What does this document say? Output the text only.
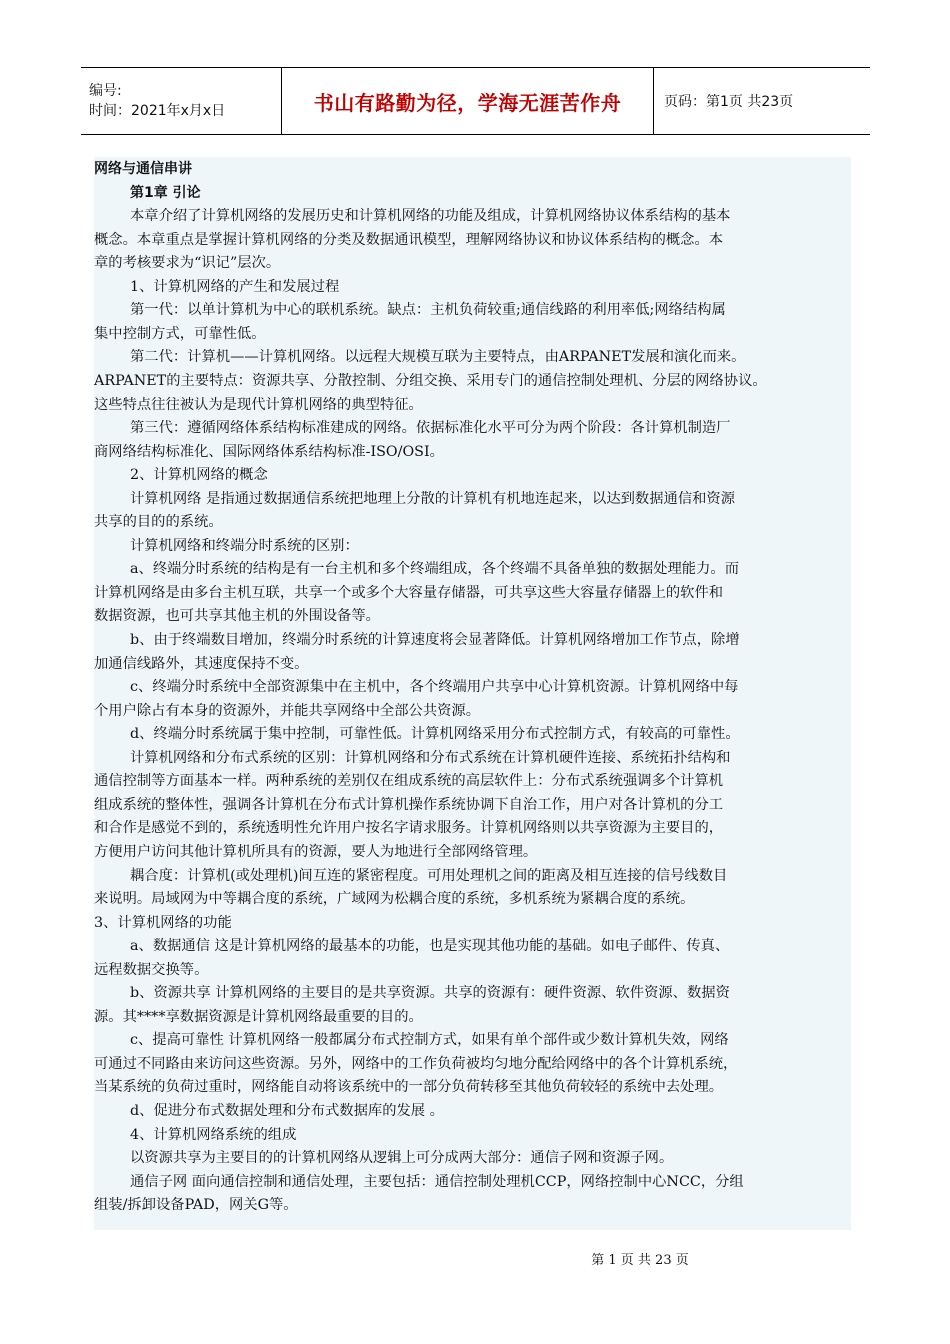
编号:
时间：2021年x月x日	书山有路勤为径，学海无涯苦作舟	页码：第1页 共23页
网络与通信串讲
第1章 引论
本章介绍了计算机网络的发展历史和计算机网络的功能及组成，计算机网络协议体系结构的基本
概念。本章重点是掌握计算机网络的分类及数据通讯模型，理解网络协议和协议体系结构的概念。本
章的考核要求为“识记”层次。
1、计算机网络的产生和发展过程
第一代：以单计算机为中心的联机系统。缺点：主机负荷较重;通信线路的利用率低;网络结构属
集中控制方式，可靠性低。
第二代：计算机——计算机网络。以远程大规模互联为主要特点，由ARPANET发展和演化而来。
ARPANET的主要特点：资源共享、分散控制、分组交换、采用专门的通信控制处理机、分层的网络协议。
这些特点往往被认为是现代计算机网络的典型特征。
第三代：遵循网络体系结构标准建成的网络。依据标准化水平可分为两个阶段：各计算机制造厂
商网络结构标准化、国际网络体系结构标准-ISO/OSI。
2、计算机网络的概念
计算机网络 是指通过数据通信系统把地理上分散的计算机有机地连起来，以达到数据通信和资源
共享的目的的系统。
计算机网络和终端分时系统的区别：
a、终端分时系统的结构是有一台主机和多个终端组成，各个终端不具备单独的数据处理能力。而
计算机网络是由多台主机互联，共享一个或多个大容量存储器，可共享这些大容量存储器上的软件和
数据资源，也可共享其他主机的外围设备等。
b、由于终端数目增加，终端分时系统的计算速度将会显著降低。计算机网络增加工作节点，除增
加通信线路外，其速度保持不变。
c、终端分时系统中全部资源集中在主机中，各个终端用户共享中心计算机资源。计算机网络中每
个用户除占有本身的资源外，并能共享网络中全部公共资源。
d、终端分时系统属于集中控制，可靠性低。计算机网络采用分布式控制方式，有较高的可靠性。
计算机网络和分布式系统的区别：计算机网络和分布式系统在计算机硬件连接、系统拓扑结构和
通信控制等方面基本一样。两种系统的差别仅在组成系统的高层软件上：分布式系统强调多个计算机
组成系统的整体性，强调各计算机在分布式计算机操作系统协调下自治工作，用户对各计算机的分工
和合作是感觉不到的，系统透明性允许用户按名字请求服务。计算机网络则以共享资源为主要目的，
方便用户访问其他计算机所具有的资源，要人为地进行全部网络管理。
耦合度：计算机(或处理机)间互连的紧密程度。可用处理机之间的距离及相互连接的信号线数目
来说明。局域网为中等耦合度的系统，广域网为松耦合度的系统，多机系统为紧耦合度的系统。
3、计算机网络的功能
a、数据通信 这是计算机网络的最基本的功能，也是实现其他功能的基础。如电子邮件、传真、
远程数据交换等。
b、资源共享 计算机网络的主要目的是共享资源。共享的资源有：硬件资源、软件资源、数据资
源。其****享数据资源是计算机网络最重要的目的。
c、提高可靠性 计算机网络一般都属分布式控制方式，如果有单个部件或少数计算机失效，网络
可通过不同路由来访问这些资源。另外，网络中的工作负荷被均匀地分配给网络中的各个计算机系统，
当某系统的负荷过重时，网络能自动将该系统中的一部分负荷转移至其他负荷较轻的系统中去处理。
d、促进分布式数据处理和分布式数据库的发展 。
4、计算机网络系统的组成
以资源共享为主要目的的计算机网络从逻辑上可分成两大部分：通信子网和资源子网。
通信子网 面向通信控制和通信处理，主要包括：通信控制处理机CCP，网络控制中心NCC，分组
组装/拆卸设备PAD，网关G等。
第 1 页 共 23 页
